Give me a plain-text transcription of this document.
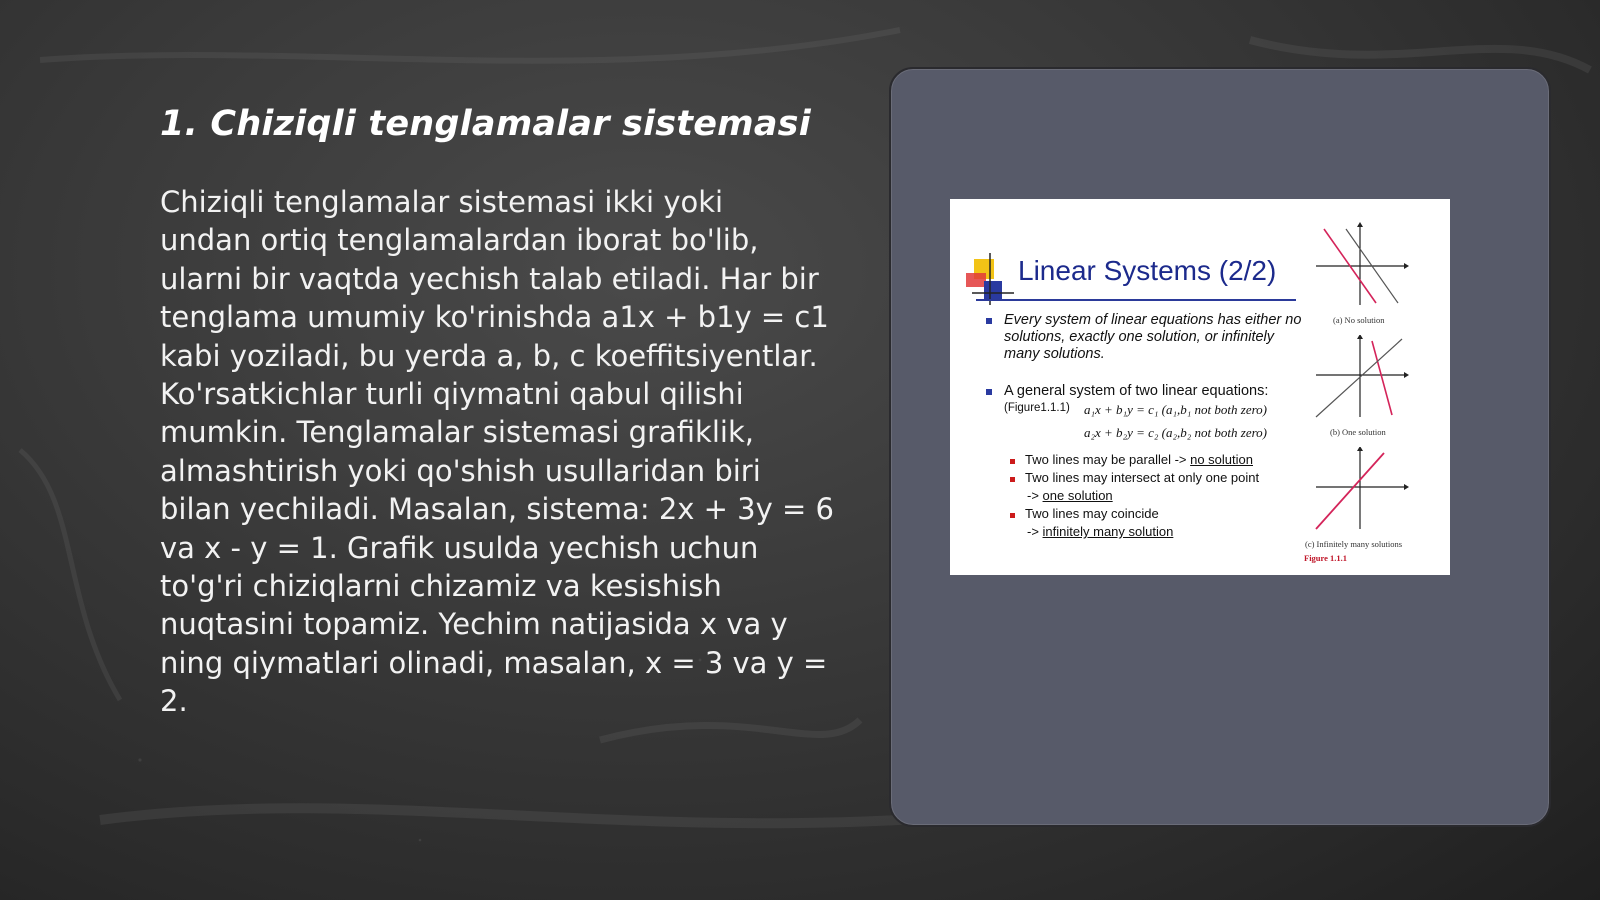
1. Chiziqli tenglamalar sistemasi
Chiziqli tenglamalar sistemasi ikki yoki
undan ortiq tenglamalardan iborat bo'lib,
ularni bir vaqtda yechish talab etiladi. Har bir
tenglama umumiy ko'rinishda a1x + b1y = c1
kabi yoziladi, bu yerda a, b, c koeffitsiyentlar.
Ko'rsatkichlar turli qiymatni qabul qilishi
mumkin. Tenglamalar sistemasi grafiklik,
almashtirish yoki qo'shish usullaridan biri
bilan yechiladi. Masalan, sistema: 2x + 3y = 6
va x - y = 1. Grafik usulda yechish uchun
to'g'ri chiziqlarni chizamiz va kesishish
nuqtasini topamiz. Yechim natijasida x va y
ning qiymatlari olinadi, masalan, x = 3 va y =
2.
Linear Systems (2/2)
Every system of linear equations has either no solutions, exactly one solution, or infinitely many solutions.
A general system of two linear equations:
(Figure1.1.1) a₁x + b₁y = c₁ (a₁,b₁ not both zero)
a₂x + b₂y = c₂ (a₂,b₂ not both zero)
Two lines may be parallel -> no solution
Two lines may intersect at only one point
-> one solution
Two lines may coincide
-> infinitely many solution
(a) No solution
(b) One solution
(c) Infinitely many solutions
Figure 1.1.1
